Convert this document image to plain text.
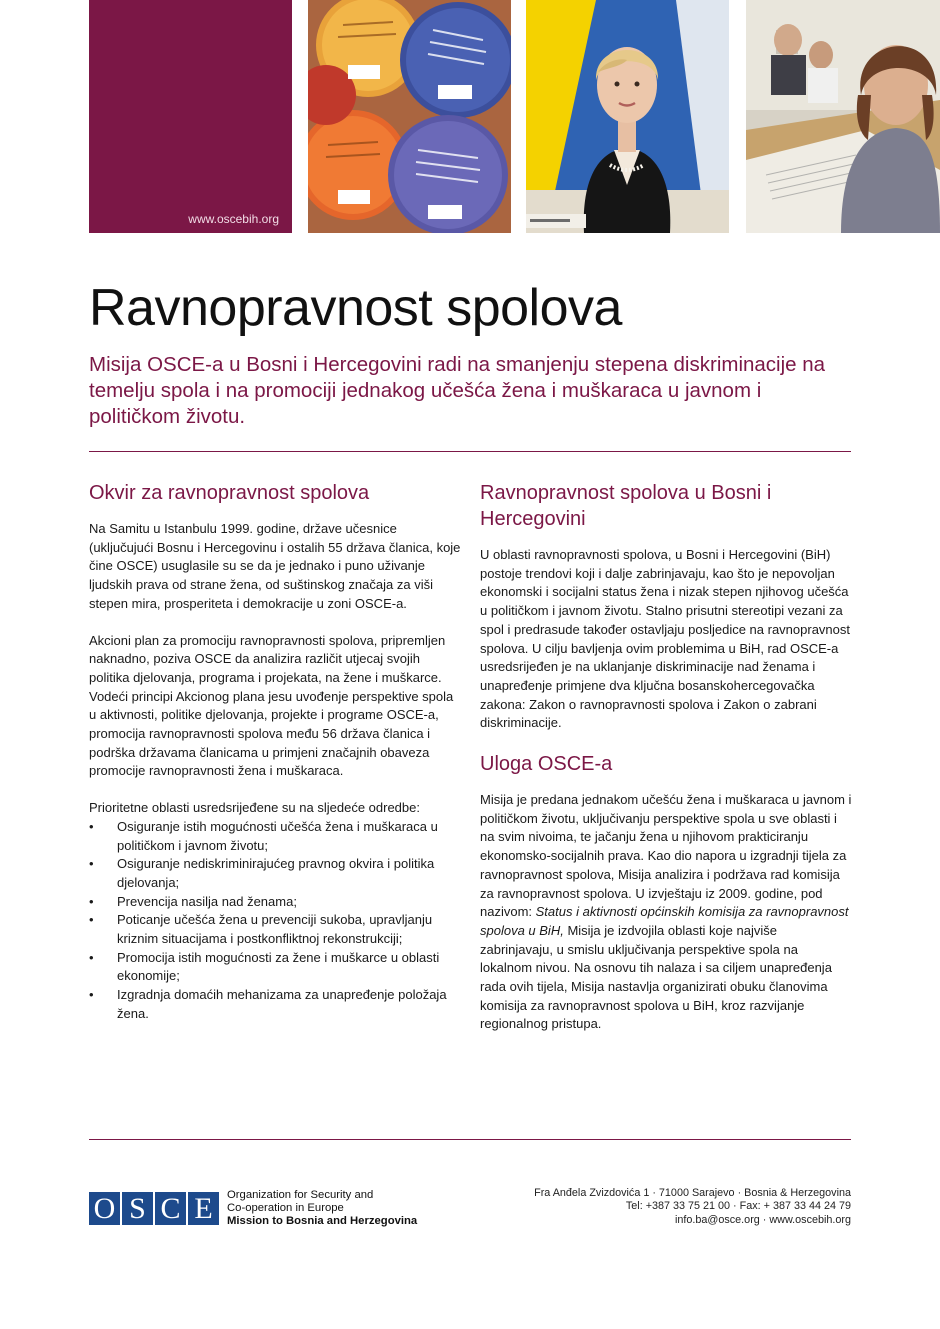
www.oscebih.org
Ravnopravnost spolova

Misija OSCE-a u Bosni i Hercegovini radi na smanjenju stepena diskriminacije na temelju spola i na promociji jednakog učešća žena i muškaraca u javnom i političkom životu.

Okvir za ravnopravnost spolova

Na Samitu u Istanbulu 1999. godine, države učesnice (uključujući Bosnu i Hercegovinu i ostalih 55 država članica, koje čine OSCE) usuglasile su se da je jednako i puno uživanje ljudskih prava od strane žena, od suštinskog značaja za viši stepen mira, prosperiteta i demokracije u zoni OSCE-a.

Akcioni plan za promociju ravnopravnosti spolova, pripremljen naknadno, poziva OSCE da analizira različit utjecaj svojih politika djelovanja, programa i projekata, na žene i muškarce. Vodeći principi Akcionog plana jesu uvođenje perspektive spola u aktivnosti, politike djelovanja, projekte i programe OSCE-a, promocija ravnopravnosti spolova među 56 država članica i podrška državama članicama u primjeni značajnih obaveza promocije ravnopravnosti žena i muškaraca.

Prioritetne oblasti usredsrijeđene su na sljedeće odredbe:
• Osiguranje istih mogućnosti učešća žena i muškaraca u političkom i javnom životu;
• Osiguranje nediskriminirajućeg pravnog okvira i politika djelovanja;
• Prevencija nasilja nad ženama;
• Poticanje učešća žena u prevenciji sukoba, upravljanju kriznim situacijama i postkonfliktnoj rekonstrukciji;
• Promocija istih mogućnosti za žene i muškarce u oblasti ekonomije;
• Izgradnja domaćih mehanizama za unapređenje položaja žena.
Ravnopravnost spolova u Bosni i Hercegovini

U oblasti ravnopravnosti spolova, u Bosni i Hercegovini (BiH) postoje trendovi koji i dalje zabrinjavaju, kao što je nepovoljan ekonomski i socijalni status žena i nizak stepen njihovog učešća u političkom i javnom životu. Stalno prisutni stereotipi vezani za spol i predrasude također ostavljaju posljedice na ravnopravnost spolova. U cilju bavljenja ovim problemima u BiH, rad OSCE-a usredsrijeđen je na uklanjanje diskriminacije nad ženama i unapređenje primjene dva ključna bosanskohercegovačka zakona: Zakon o ravnopravnosti spolova i Zakon o zabrani diskriminacije.

Uloga OSCE-a

Misija je predana jednakom učešću žena i muškaraca u javnom i političkom životu, uključivanju perspektive spola u sve oblasti i na svim nivoima, te jačanju žena u njihovom prakticiranju ekonomsko-socijalnih prava. Kao dio napora u izgradnji tijela za ravnopravnost spolova, Misija analizira i podržava rad komisija za ravnopravnost spolova. U izvještaju iz 2009. godine, pod nazivom: Status i aktivnosti općinskih komisija za ravnopravnost spolova u BiH, Misija je izdvojila oblasti koje najviše zabrinjavaju, u smislu uključivanja perspektive spola na lokalnom nivou. Na osnovu tih nalaza i sa ciljem unapređenja rada ovih tijela, Misija nastavlja organizirati obuku članovima komisija za ravnopravnost spolova u BiH, kroz razvijanje regionalnog pristupa.

O S C E	Organization for Security and
Co-operation in Europe
Mission to Bosnia and Herzegovina
Fra Anđela Zvizdovića 1 · 71000 Sarajevo · Bosnia & Herzegovina
Tel: +387 33 75 21 00 · Fax: + 387 33 44 24 79
info.ba@osce.org · www.oscebih.org
